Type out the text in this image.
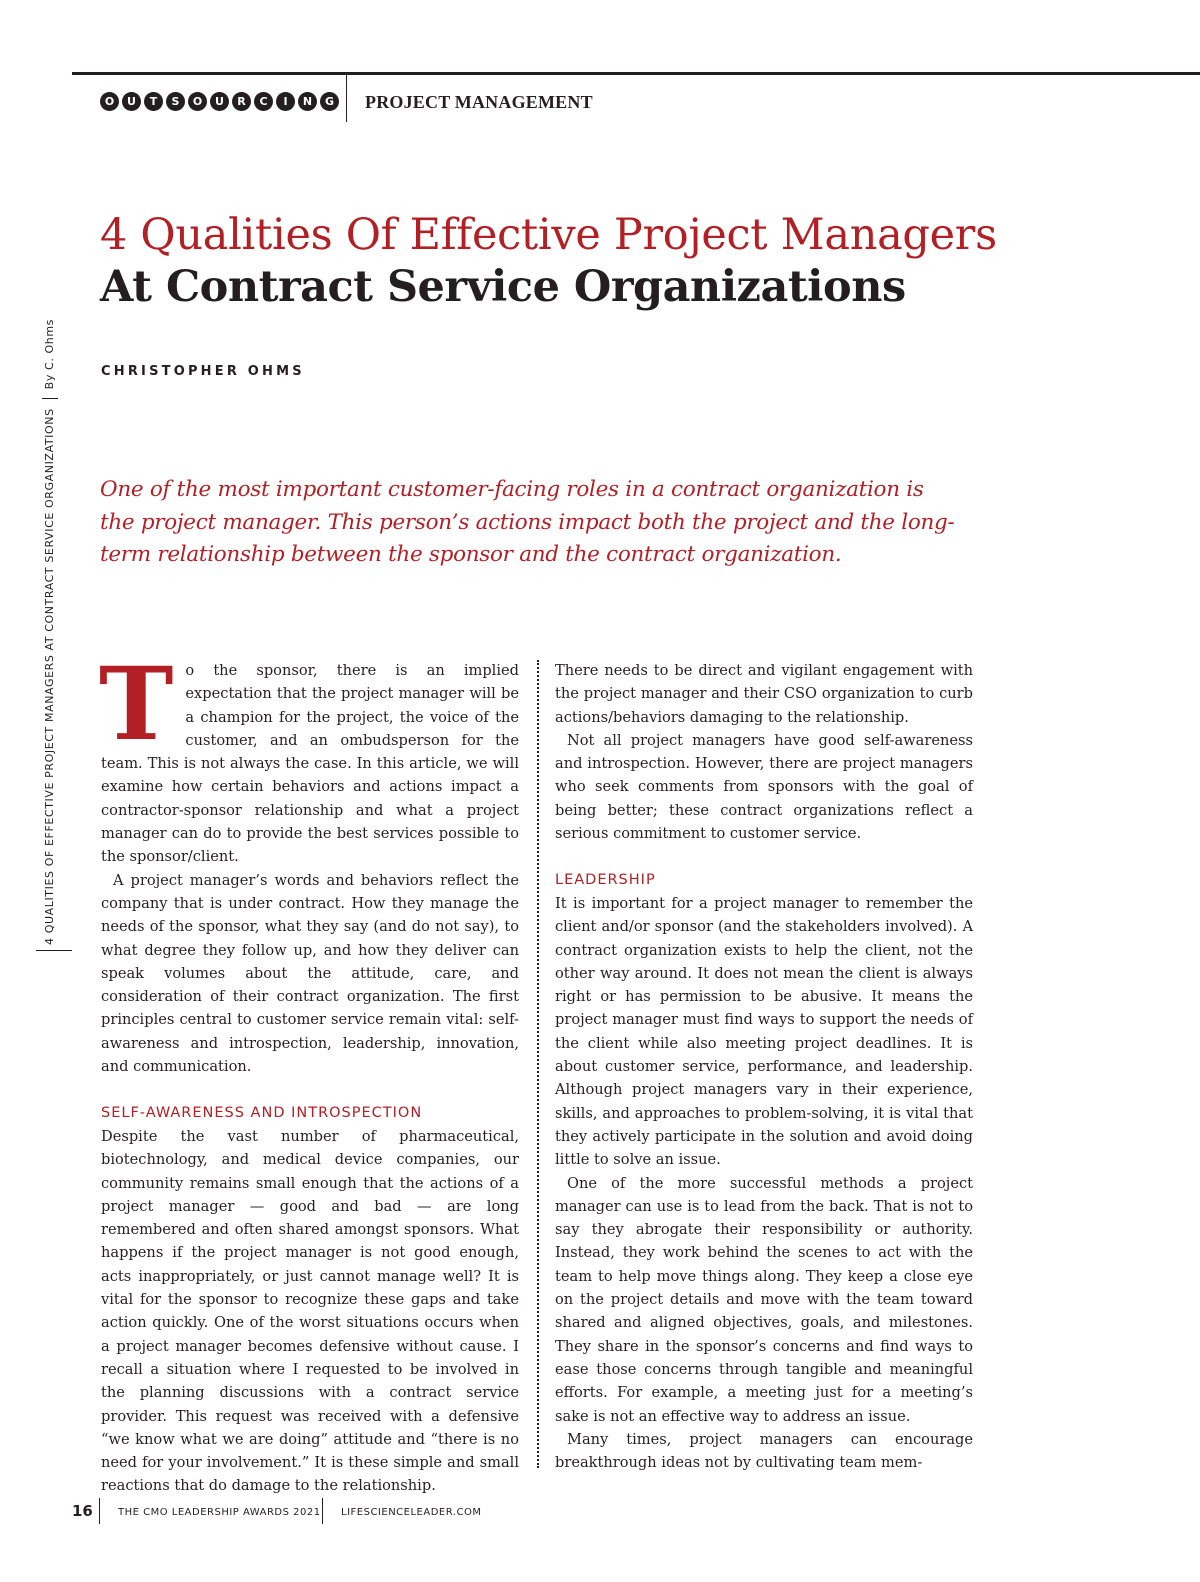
O	U	T	S	O	U	R	C	I	N	G PROJECT MANAGEMENT
4 QUALITIES OF EFFECTIVE PROJECT MANAGERS AT CONTRACT SERVICE ORGANIZATIONSBy C. Ohms
4 Qualities Of Effective Project Managers
At Contract Service Organizations
CHRISTOPHER OHMS
One of the most important customer-facing roles in a contract organization is the project manager. This person’s actions impact both the project and the long-term relationship between the sponsor and the contract organization.
T o the sponsor, there is an implied expectation that the project manager will be a champion for the project, the voice of the customer, and an ombudsperson for the team. This is not always the case. In this article, we will examine how certain behaviors and actions impact a contractor-sponsor relationship and what a project manager can do to provide the best services possible to the sponsor/client.

A project manager’s words and behaviors reflect the company that is under contract. How they manage the needs of the sponsor, what they say (and do not say), to what degree they follow up, and how they deliver can speak volumes about the attitude, care, and consideration of their contract organization. The first principles central to customer service remain vital: self-awareness and introspection, leadership, innovation, and communication.

SELF-AWARENESS AND INTROSPECTION

Despite the vast number of pharmaceutical, biotechnology, and medical device companies, our community remains small enough that the actions of a project manager — good and bad — are long remembered and often shared amongst sponsors. What happens if the project manager is not good enough, acts inappropriately, or just cannot manage well? It is vital for the sponsor to recognize these gaps and take action quickly. One of the worst situations occurs when a project manager becomes defensive without cause. I recall a situation where I requested to be involved in the planning discussions with a contract service provider. This request was received with a defensive “we know what we are doing” attitude and “there is no need for your involvement.” It is these simple and small reactions that do damage to the relationship.

There needs to be direct and vigilant engagement with the project manager and their CSO organization to curb actions/behaviors damaging to the relationship.

Not all project managers have good self-awareness and introspection. However, there are project managers who seek comments from sponsors with the goal of being better; these contract organizations reflect a serious commitment to customer service.

LEADERSHIP

It is important for a project manager to remember the client and/or sponsor (and the stakeholders involved). A contract organization exists to help the client, not the other way around. It does not mean the client is always right or has permission to be abusive. It means the project manager must find ways to support the needs of the client while also meeting project deadlines. It is about customer service, performance, and leadership. Although project managers vary in their experience, skills, and approaches to problem-solving, it is vital that they actively participate in the solution and avoid doing little to solve an issue.

One of the more successful methods a project manager can use is to lead from the back. That is not to say they abrogate their responsibility or authority. Instead, they work behind the scenes to act with the team to help move things along. They keep a close eye on the project details and move with the team toward shared and aligned objectives, goals, and milestones. They share in the sponsor’s concerns and find ways to ease those concerns through tangible and meaningful efforts. For example, a meeting just for a meeting’s sake is not an effective way to address an issue.

Many times, project managers can encourage breakthrough ideas not by cultivating team mem-

16	THE CMO LEADERSHIP AWARDS 2021 LIFESCIENCELEADER.COM
